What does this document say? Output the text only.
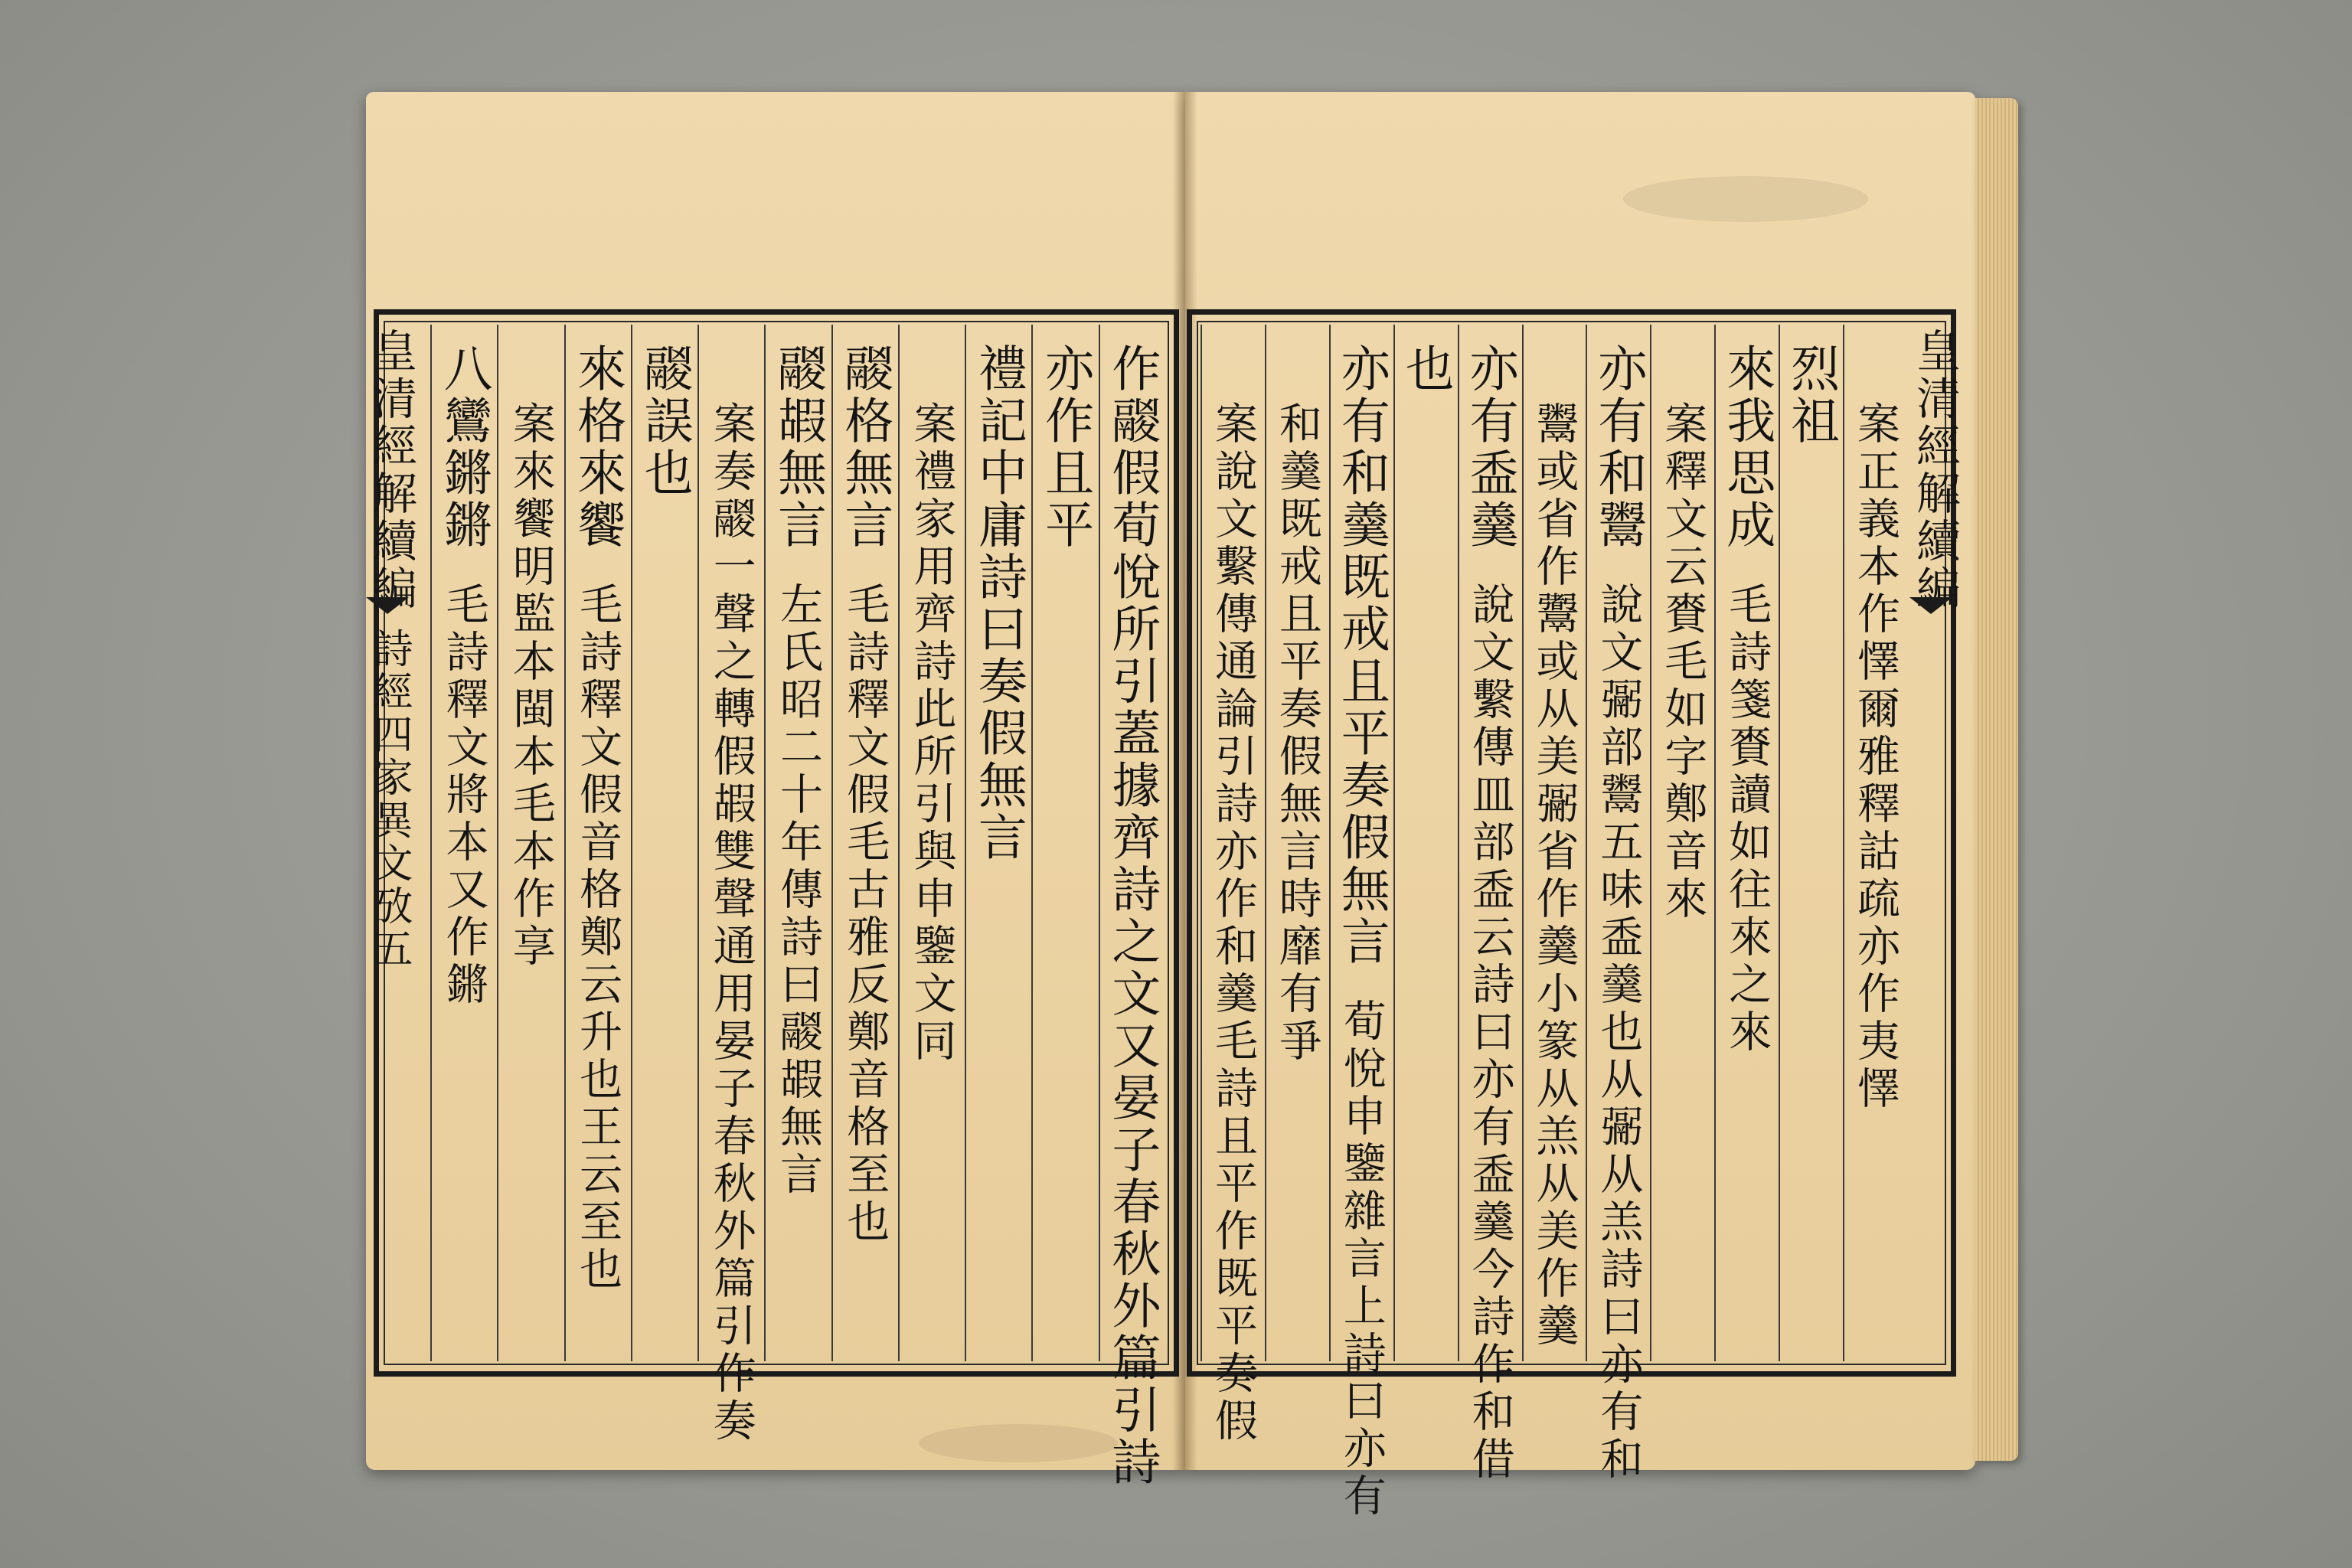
作鬷假荀悅所引蓋據齊詩之文又晏子春秋外篇引詩
亦作且平
禮記中庸詩曰奏假無言
案禮家用齊詩此所引與申鑒文同
鬷格無言
毛詩釋文假毛古雅反鄭音格至也
鬷嘏無言
左氏昭二十年傳詩曰鬷嘏無言
案奏鬷一聲之轉假嘏雙聲通用晏子春秋外篇引作奏
鬷誤也
來格來饗
毛詩釋文假音格鄭云升也王云至也
案來饗明監本閩本毛本作享
八鸞鏘鏘
毛詩釋文將本又作鏘
皇清經解續編
詩經四家異文攷五	案正義本作懌爾雅釋詁疏亦作夷懌
烈祖
來我思成
毛詩箋賚讀如往來之來
案釋文云賚毛如字鄭音來
亦有和鬻
說文䰜部鬻五味盉羹也从䰜从羔詩曰亦有和
鬻或省作䰞或从美䰜省作羹小篆从羔从美作羹
亦有盉羹
說文繫傳皿部盉云詩曰亦有盉羹今詩作和借
也
亦有和羹既戒且平奏假無言
荀悅申鑒雜言上詩曰亦有
和羹既戒且平奏假無言時靡有爭
案說文繫傳通論引詩亦作和羹毛詩且平作既平奏假	皇清經解續編
